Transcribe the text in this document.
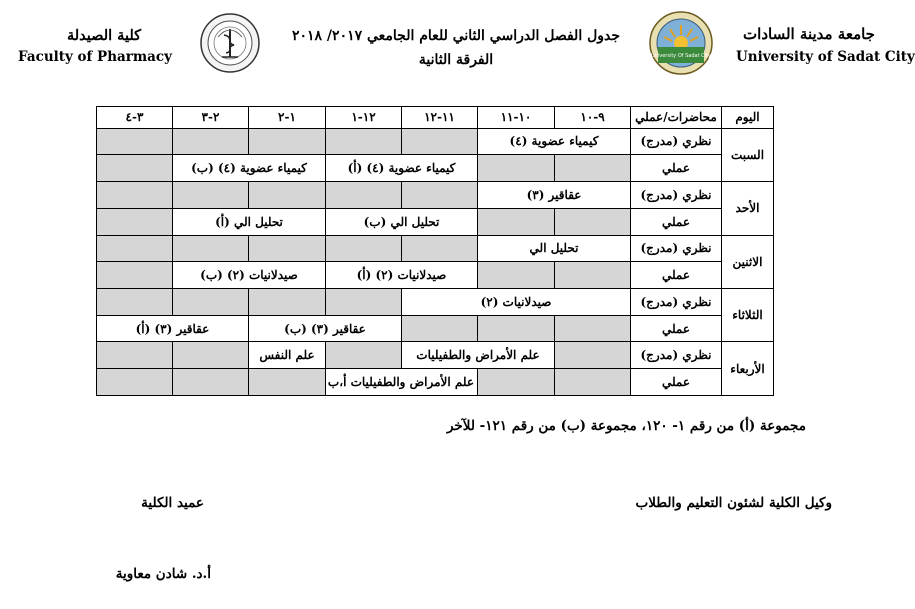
كلية الصيدلة
Faculty of Pharmacy
جدول الفصل الدراسي الثاني للعام الجامعي ٢٠١٧/ ٢٠١٨
الفرقة الثانية	University Of Sadat City
جامعة مدينة السادات
University of Sadat City
٣-٤	٢-٣	١-٢	١٢-١	١١-١٢	١٠-١١	٩-١٠	محاضرات/عملي	اليوم
					كيمياء عضوية (٤)		نظري (مدرج)	السبت
	كيمياء عضوية (٤) (ب)		كيمياء عضوية (٤) (أ)				عملي	
					عقاقير (٣)		نظري (مدرج)	الأحد
	تحليل الي (أ)		تحليل الي (ب)				عملي	
					تحليل الي		نظري (مدرج)	الاثنين
	صيدلانيات (٢) (ب)		صيدلانيات (٢) (أ)				عملي	
				صيدلانيات (٢)			نظري (مدرج)	الثلاثاء
عقاقير (٣) (أ)		عقاقير (٣) (ب)					عملي	
		علم النفس		علم الأمراض والطفيليات			نظري (مدرج)	الأربعاء
			علم الأمراض والطفيليات أ،ب				عملي	
مجموعة (أ) من رقم ١- ١٢٠، مجموعة (ب) من رقم ١٢١- للآخر
وكيل الكلية لشئون التعليم والطلاب
عميد الكلية
أ.د. شادن معاوية
